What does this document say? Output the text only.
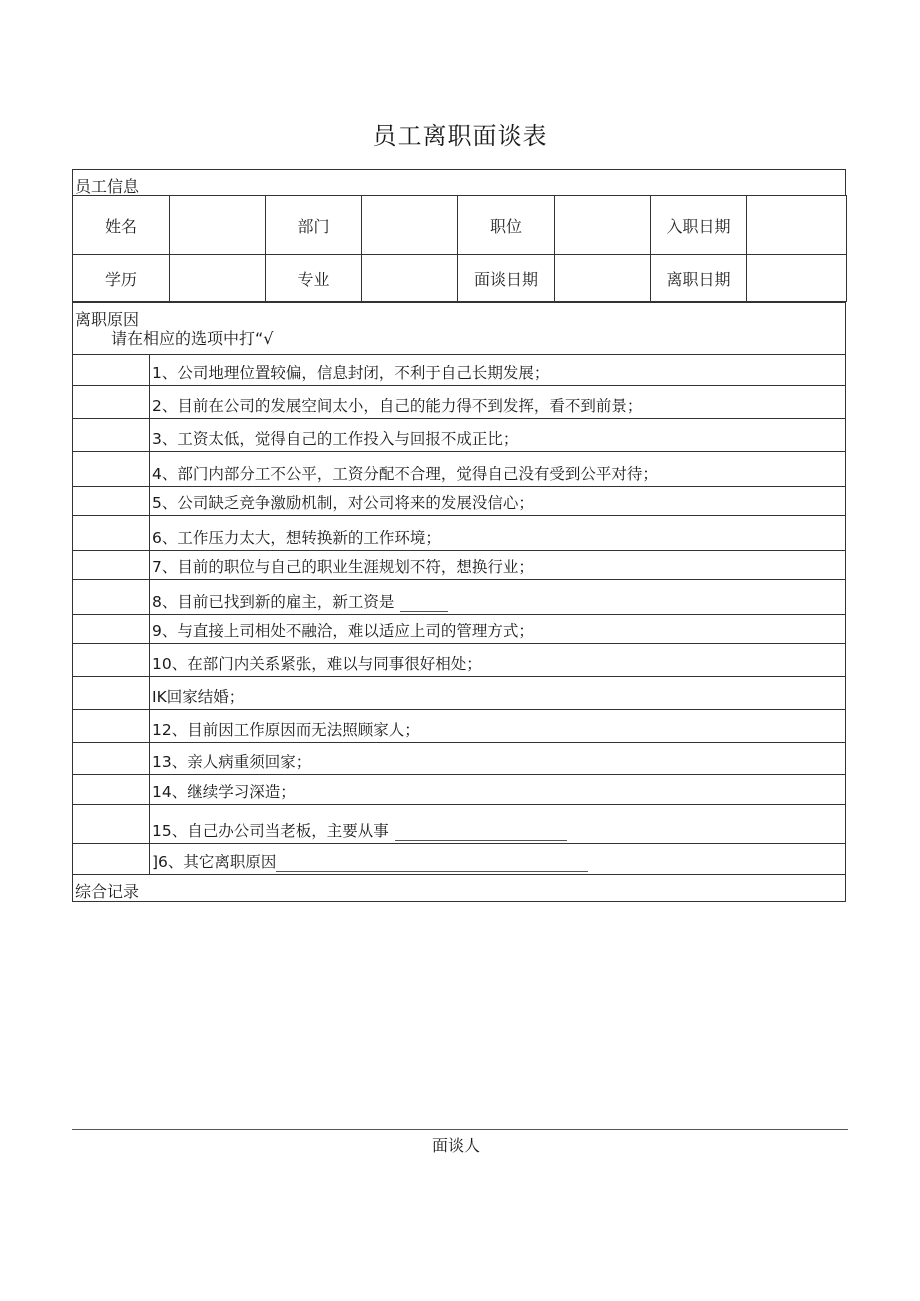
员工离职面谈表
员工信息
姓名		部门		职位		入职日期	
学历		专业		面谈日期		离职日期	
离职原因
请在相应的选项中打“√
1、公司地理位置较偏，信息封闭，不利于自己长期发展；
2、目前在公司的发展空间太小，自己的能力得不到发挥，看不到前景；
3、工资太低，觉得自己的工作投入与回报不成正比；
4、部门内部分工不公平，工资分配不合理，觉得自己没有受到公平对待；
5、公司缺乏竞争激励机制，对公司将来的发展没信心；
6、工作压力太大，想转换新的工作环境；
7、目前的职位与自己的职业生涯规划不符，想换行业；
8、目前已找到新的雇主，新工资是
9、与直接上司相处不融洽，难以适应上司的管理方式；
10、在部门内关系紧张，难以与同事很好相处；
IK回家结婚；
12、目前因工作原因而无法照顾家人；
13、亲人病重须回家；
14、继续学习深造；
15、自己办公司当老板，主要从事
]6、其它离职原因
综合记录
面谈人
